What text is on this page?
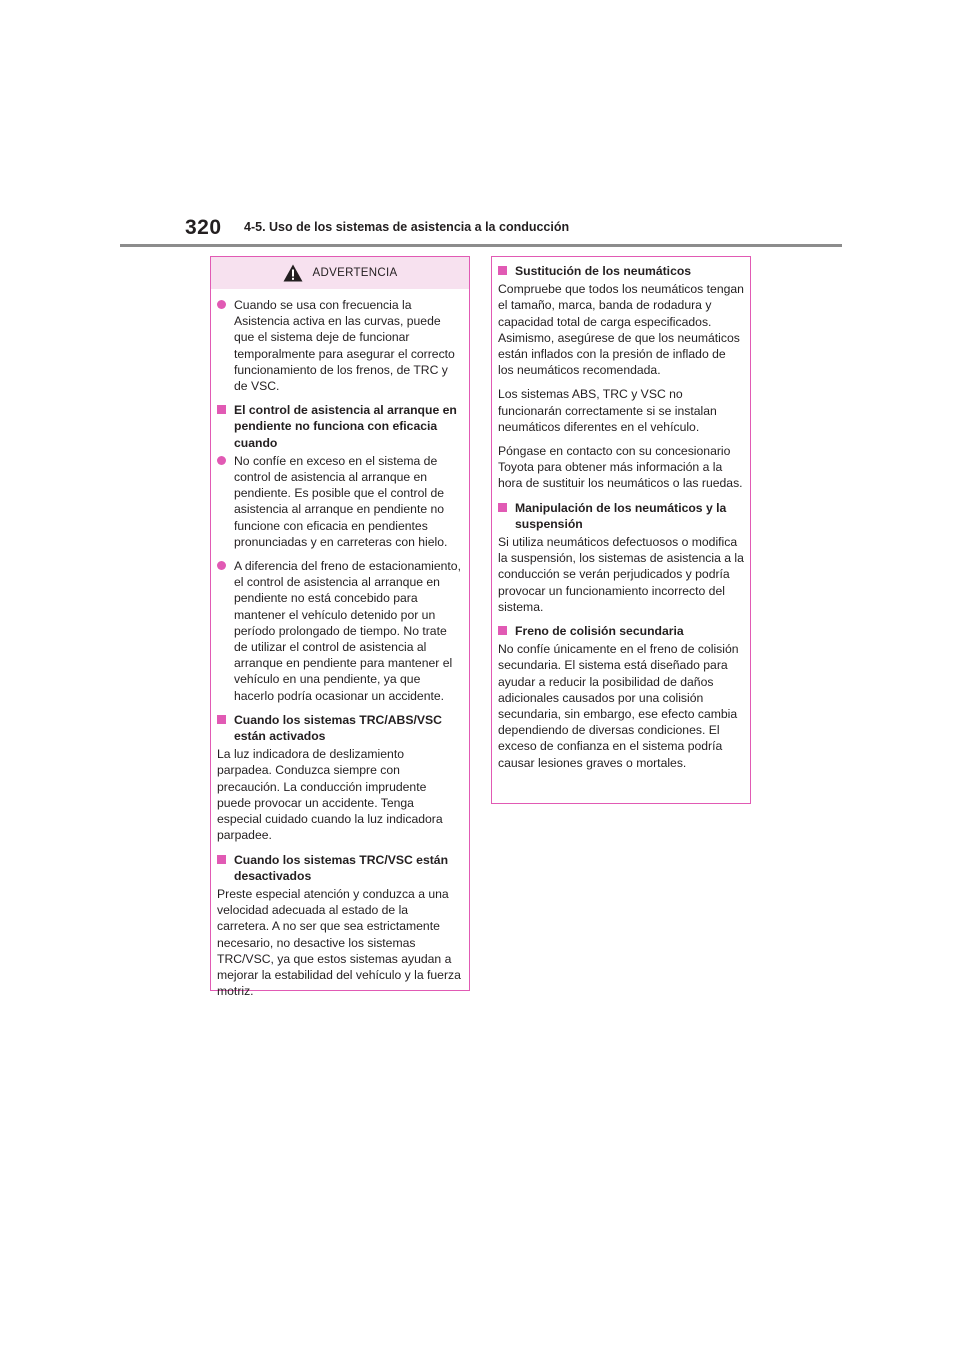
320 4-5. Uso de los sistemas de asistencia a la conducción
ADVERTENCIA
Cuando se usa con frecuencia la Asistencia activa en las curvas, puede que el sistema deje de funcionar temporalmente para asegurar el correcto funcionamiento de los frenos, de TRC y de VSC.
El control de asistencia al arranque en pendiente no funciona con eficacia cuando
No confíe en exceso en el sistema de control de asistencia al arranque en pendiente. Es posible que el control de asistencia al arranque en pendiente no funcione con eficacia en pendientes pronunciadas y en carreteras con hielo.
A diferencia del freno de estacionamiento, el control de asistencia al arranque en pendiente no está concebido para mantener el vehículo detenido por un período prolongado de tiempo. No trate de utilizar el control de asistencia al arranque en pendiente para mantener el vehículo en una pendiente, ya que hacerlo podría ocasionar un accidente.
Cuando los sistemas TRC/ABS/VSC están activados

La luz indicadora de deslizamiento parpadea. Conduzca siempre con precaución. La conducción imprudente puede provocar un accidente. Tenga especial cuidado cuando la luz indicadora parpadee.

Cuando los sistemas TRC/VSC están desactivados

Preste especial atención y conduzca a una velocidad adecuada al estado de la carretera. A no ser que sea estrictamente necesario, no desactive los sistemas TRC/VSC, ya que estos sistemas ayudan a mejorar la estabilidad del vehículo y la fuerza motriz.

Sustitución de los neumáticos

Compruebe que todos los neumáticos tengan el tamaño, marca, banda de rodadura y capacidad total de carga especificados. Asimismo, asegúrese de que los neumáticos están inflados con la presión de inflado de los neumáticos recomendada.

Los sistemas ABS, TRC y VSC no funcionarán correctamente si se instalan neumáticos diferentes en el vehículo.

Póngase en contacto con su concesionario Toyota para obtener más información a la hora de sustituir los neumáticos o las ruedas.

Manipulación de los neumáticos y la suspensión

Si utiliza neumáticos defectuosos o modifica la suspensión, los sistemas de asistencia a la conducción se verán perjudicados y podría provocar un funcionamiento incorrecto del sistema.

Freno de colisión secundaria

No confíe únicamente en el freno de colisión secundaria. El sistema está diseñado para ayudar a reducir la posibilidad de daños adicionales causados por una colisión secundaria, sin embargo, ese efecto cambia dependiendo de diversas condiciones. El exceso de confianza en el sistema podría causar lesiones graves o mortales.
